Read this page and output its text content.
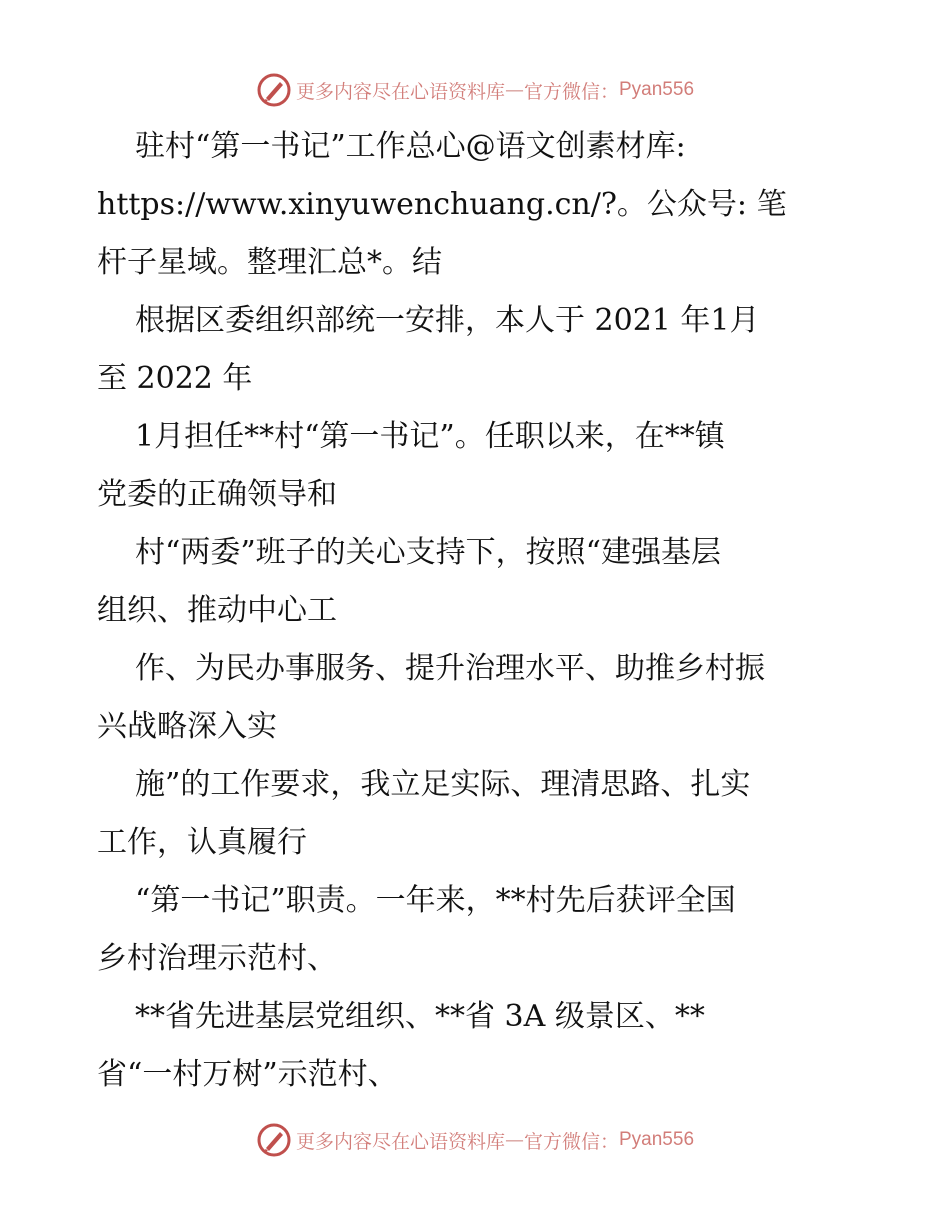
更多内容尽在心语资料库 — 官方微信： Pyan556
驻村“第一书记”工作总心@语文创素材库:
https://www.xinyuwenchuang.cn/?。公众号: 笔
杆子星域。整理汇总*。结
根据区委组织部统一安排，本人于 2021 年1月
至 2022 年
1月担任**村“第一书记”。任职以来，在**镇
党委的正确领导和
村“两委”班子的关心支持下，按照“建强基层
组织、推动中心工
作、为民办事服务、提升治理水平、助推乡村振
兴战略深入实
施”的工作要求，我立足实际、理清思路、扎实
工作，认真履行
“第一书记”职责。一年来，**村先后获评全国
乡村治理示范村、
**省先进基层党组织、**省 3A 级景区、**
省“一村万树”示范村、
更多内容尽在心语资料库 — 官方微信： Pyan556
